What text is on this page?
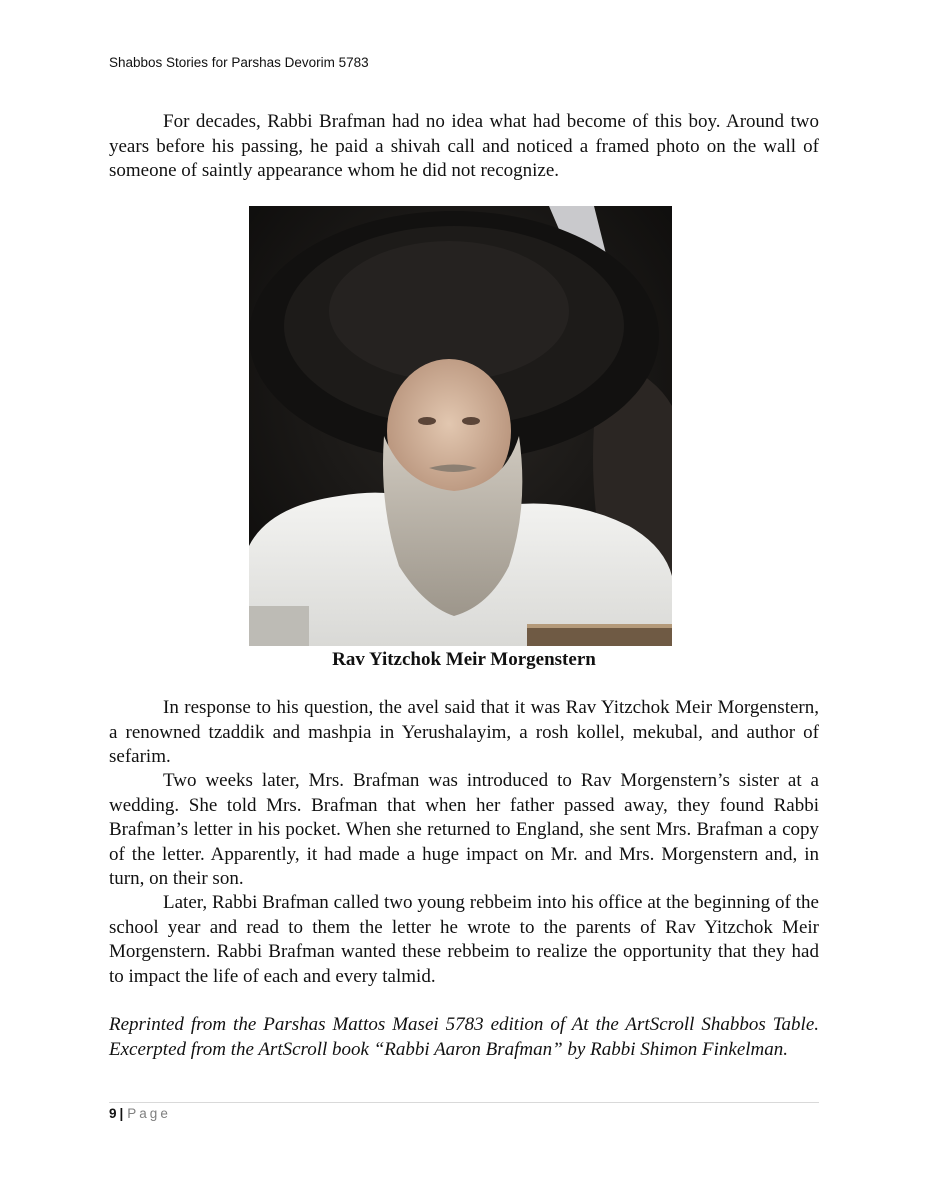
Shabbos Stories for Parshas Devorim 5783

For decades, Rabbi Brafman had no idea what had become of this boy. Around two years before his passing, he paid a shivah call and noticed a framed photo on the wall of someone of saintly appearance whom he did not recognize.

Rav Yitzchok Meir Morgenstern

In response to his question, the avel said that it was Rav Yitzchok Meir Morgenstern, a renowned tzaddik and mashpia in Yerushalayim, a rosh kollel, mekubal, and author of sefarim.

Two weeks later, Mrs. Brafman was introduced to Rav Morgenstern’s sister at a wedding. She told Mrs. Brafman that when her father passed away, they found Rabbi Brafman’s letter in his pocket. When she returned to England, she sent Mrs. Brafman a copy of the letter. Apparently, it had made a huge impact on Mr. and Mrs. Morgenstern and, in turn, on their son.

Later, Rabbi Brafman called two young rebbeim into his office at the beginning of the school year and read to them the letter he wrote to the parents of Rav Yitzchok Meir Morgenstern. Rabbi Brafman wanted these rebbeim to realize the opportunity that they had to impact the life of each and every talmid.

Reprinted from the Parshas Mattos Masei 5783 edition of At the ArtScroll Shabbos Table. Excerpted from the ArtScroll book “Rabbi Aaron Brafman” by Rabbi Shimon Finkelman.

9 | Page
